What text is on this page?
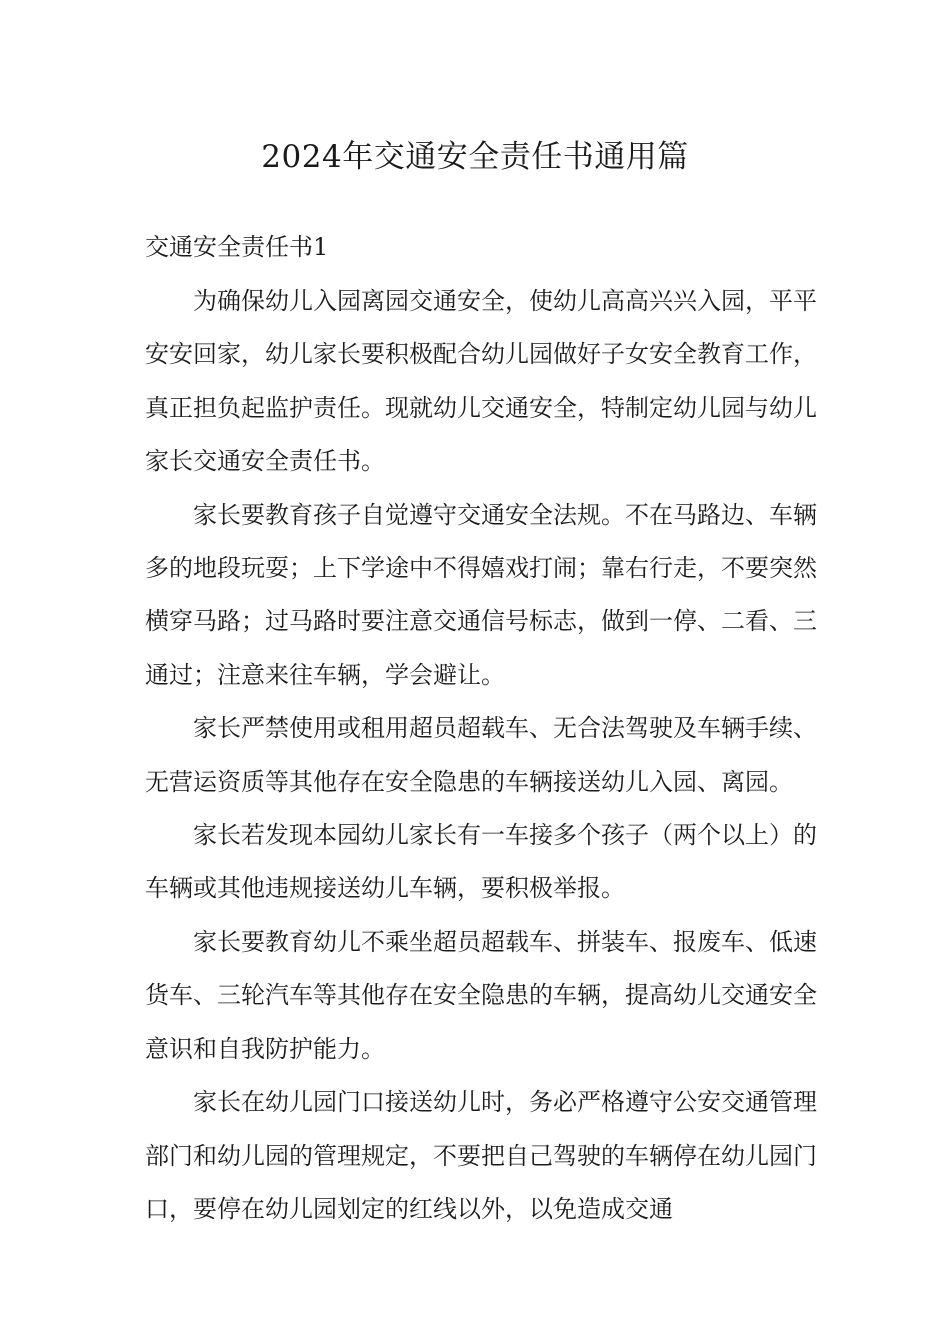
2024年交通安全责任书通用篇
交通安全责任书1

为确保幼儿入园离园交通安全，使幼儿高高兴兴入园，平平安安回家，幼儿家长要积极配合幼儿园做好子女安全教育工作，真正担负起监护责任。现就幼儿交通安全，特制定幼儿园与幼儿家长交通安全责任书。

家长要教育孩子自觉遵守交通安全法规。不在马路边、车辆多的地段玩耍；上下学途中不得嬉戏打闹；靠右行走，不要突然横穿马路；过马路时要注意交通信号标志，做到一停、二看、三通过；注意来往车辆，学会避让。

家长严禁使用或租用超员超载车、无合法驾驶及车辆手续、无营运资质等其他存在安全隐患的车辆接送幼儿入园、离园。

家长若发现本园幼儿家长有一车接多个孩子（两个以上）的车辆或其他违规接送幼儿车辆，要积极举报。

家长要教育幼儿不乘坐超员超载车、拼装车、报废车、低速货车、三轮汽车等其他存在安全隐患的车辆，提高幼儿交通安全意识和自我防护能力。

家长在幼儿园门口接送幼儿时，务必严格遵守公安交通管理部门和幼儿园的管理规定，不要把自己驾驶的车辆停在幼儿园门口，要停在幼儿园划定的红线以外，以免造成交通
